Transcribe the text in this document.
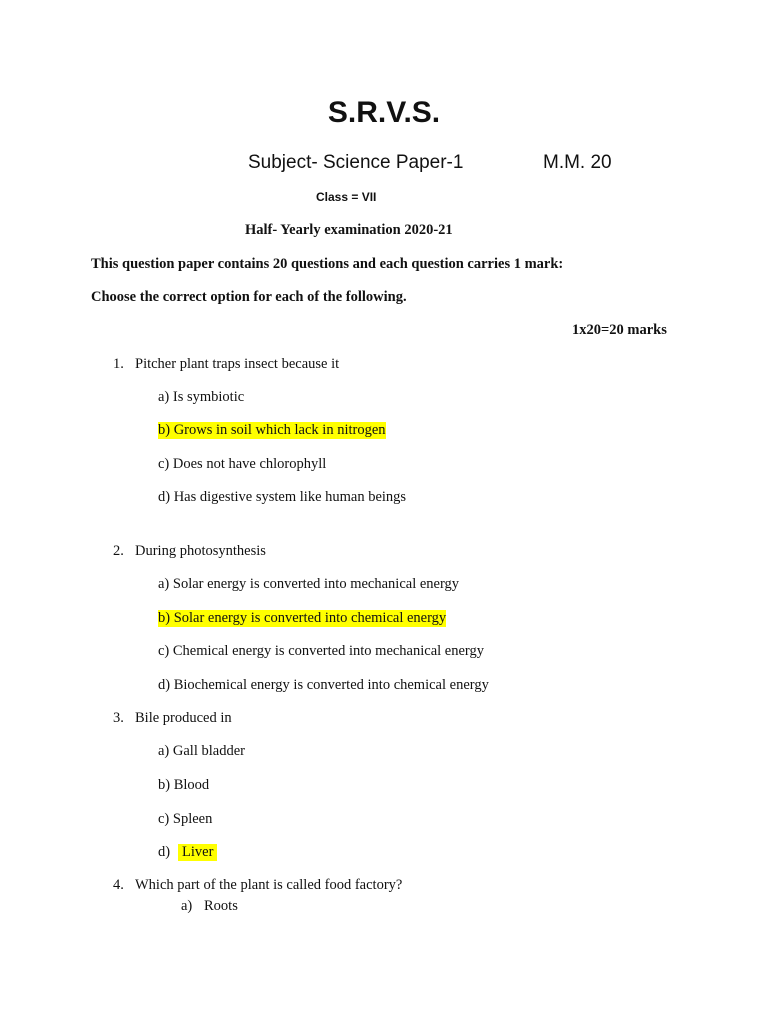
S.R.V.S.
Subject- Science Paper-1	M.M. 20
Class = VII
Half- Yearly examination 2020-21
This question paper contains 20 questions and each question carries 1 mark:
Choose the correct option for each of the following.
1x20=20 marks
1. Pitcher plant traps insect because it
a) Is symbiotic
b) Grows in soil which lack in nitrogen
c) Does not have chlorophyll
d) Has digestive system like human beings
2. During photosynthesis
a) Solar energy is converted into mechanical energy
b) Solar energy is converted into chemical energy
c) Chemical energy is converted into mechanical energy
d) Biochemical energy is converted into chemical energy
3. Bile produced in
a) Gall bladder
b) Blood
c) Spleen
d) Liver
4. Which part of the plant is called food factory?
a) Roots
